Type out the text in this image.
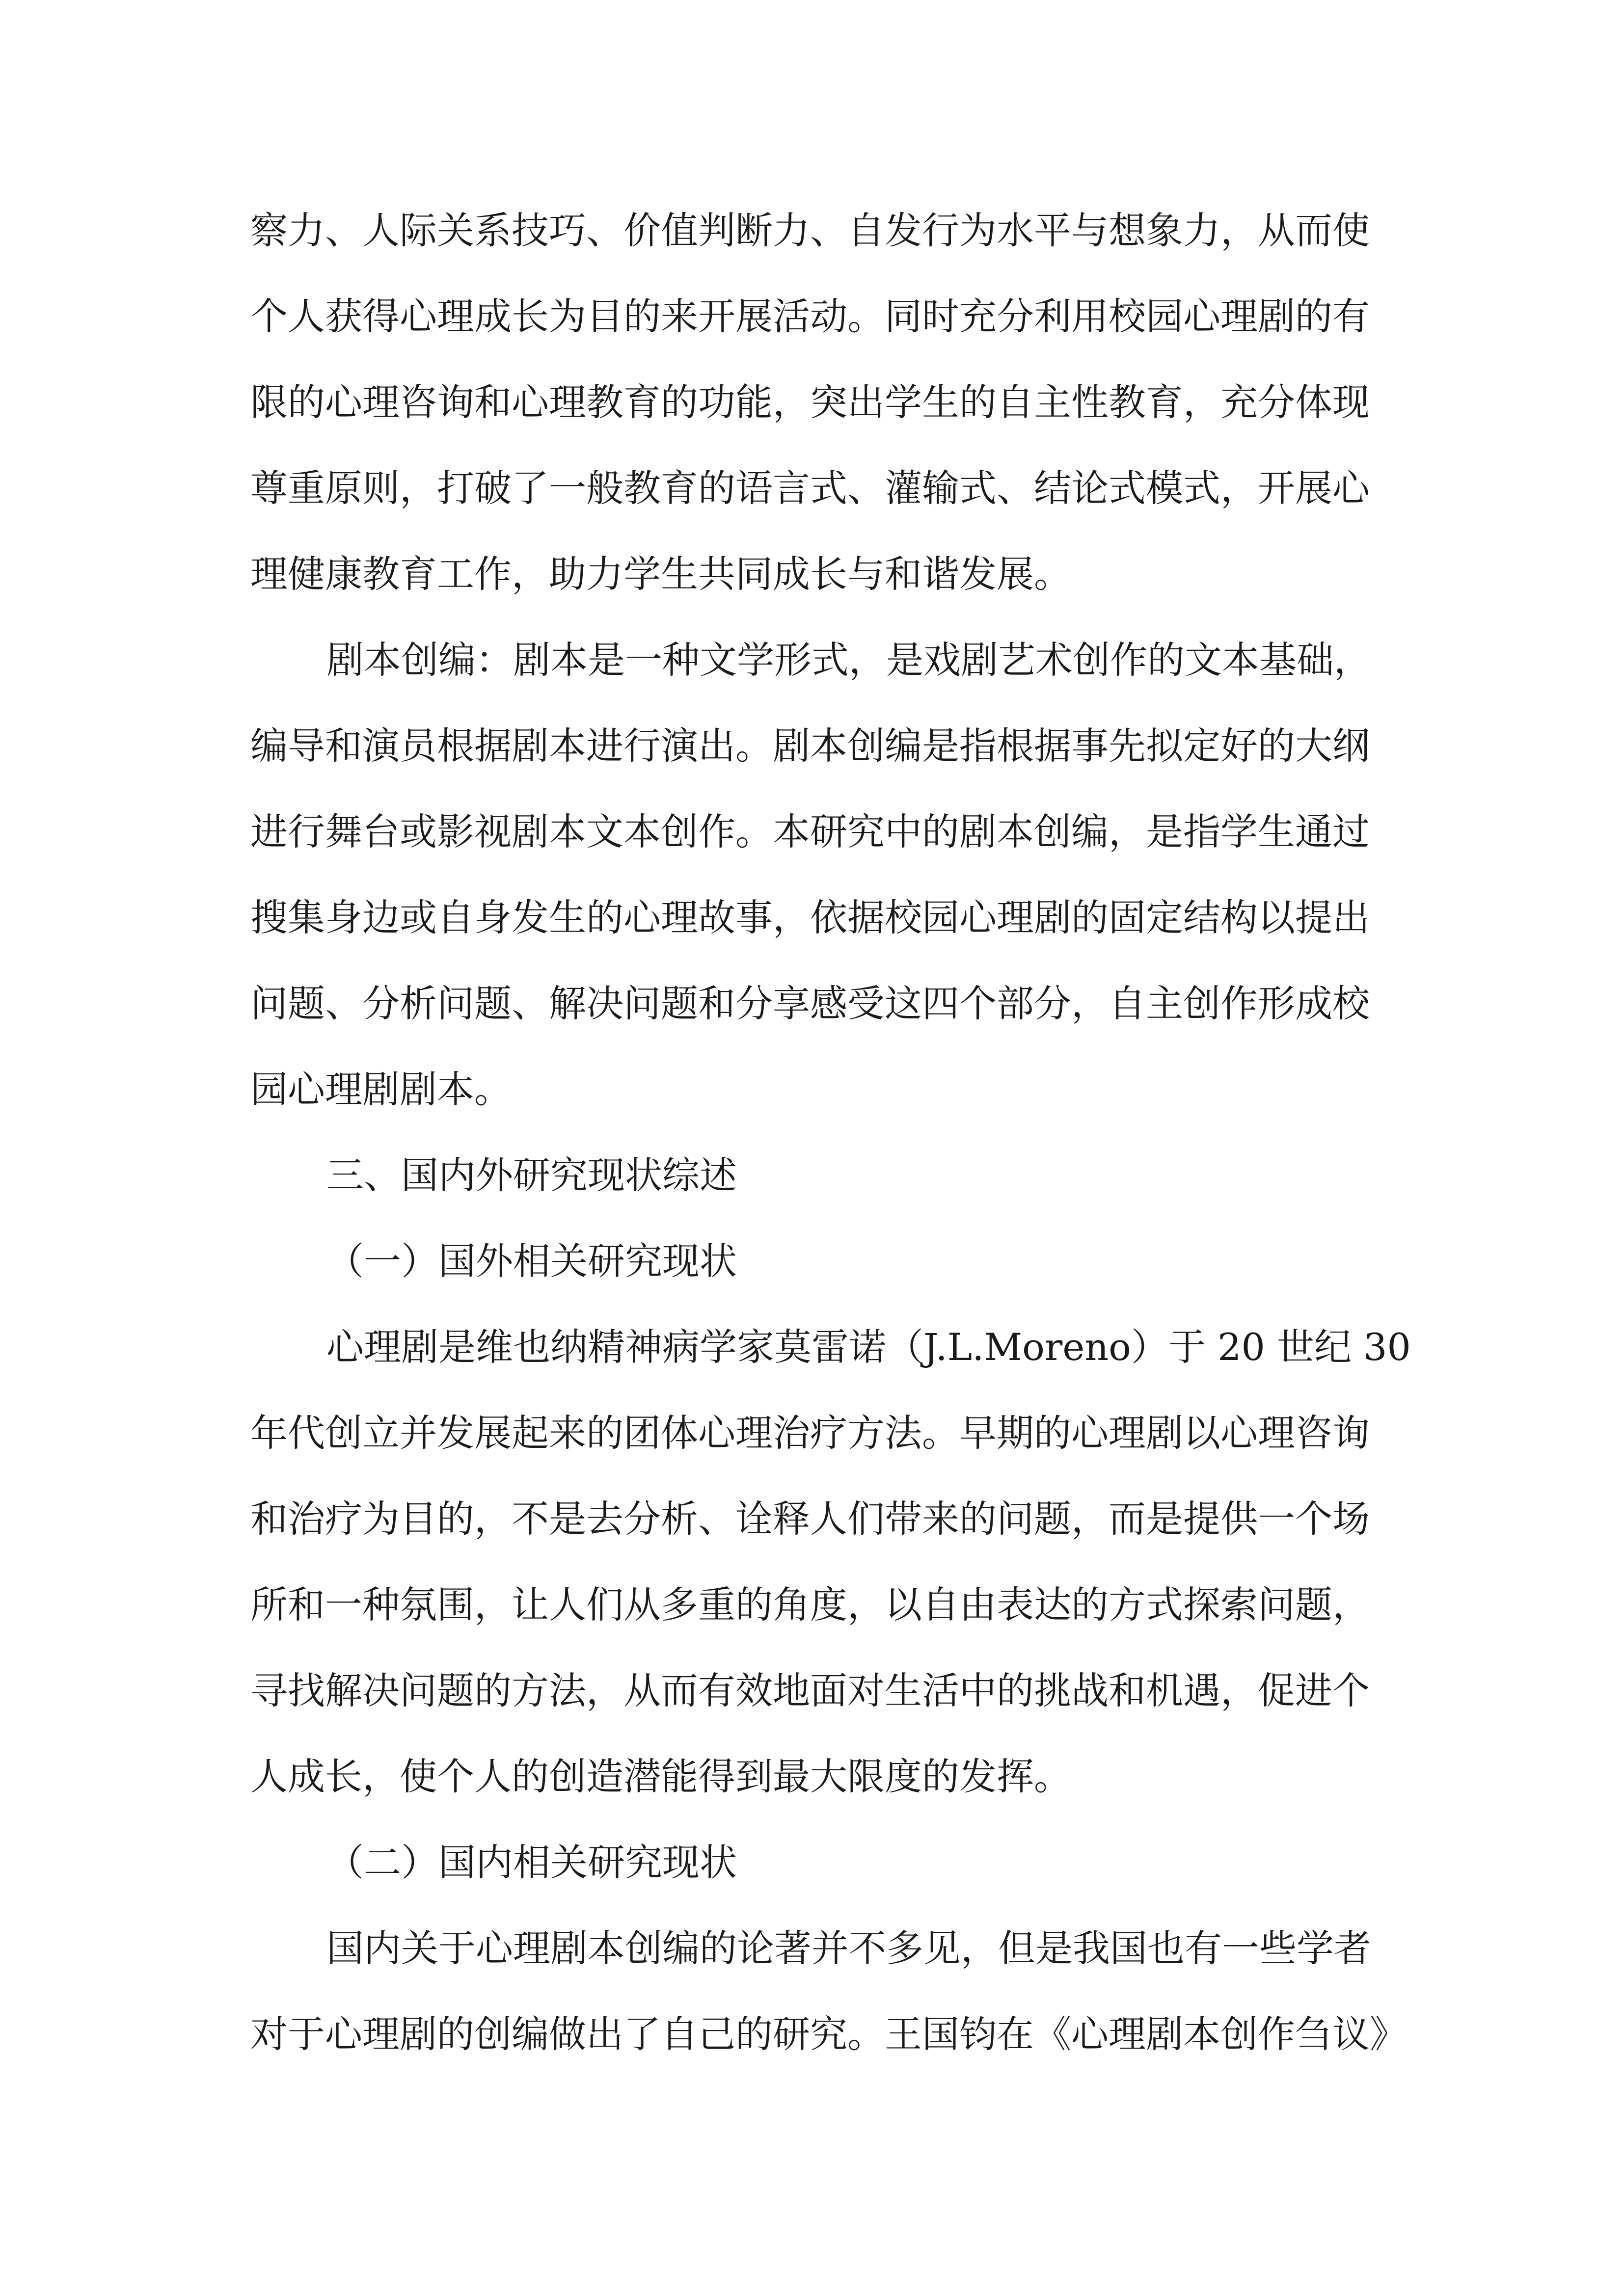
察力、人际关系技巧、价值判断力、自发行为水平与想象力，从而使

个人获得心理成长为目的来开展活动。同时充分利用校园心理剧的有

限的心理咨询和心理教育的功能，突出学生的自主性教育，充分体现

尊重原则，打破了一般教育的语言式、灌输式、结论式模式，开展心

理健康教育工作，助力学生共同成长与和谐发展。

剧本创编：剧本是一种文学形式，是戏剧艺术创作的文本基础，

编导和演员根据剧本进行演出。剧本创编是指根据事先拟定好的大纲

进行舞台或影视剧本文本创作。本研究中的剧本创编，是指学生通过

搜集身边或自身发生的心理故事，依据校园心理剧的固定结构以提出

问题、分析问题、解决问题和分享感受这四个部分，自主创作形成校

园心理剧剧本。

三、国内外研究现状综述

（一）国外相关研究现状

心理剧是维也纳精神病学家莫雷诺（J.L.Moreno）于 20 世纪 30

年代创立并发展起来的团体心理治疗方法。早期的心理剧以心理咨询

和治疗为目的，不是去分析、诠释人们带来的问题，而是提供一个场

所和一种氛围，让人们从多重的角度，以自由表达的方式探索问题，

寻找解决问题的方法，从而有效地面对生活中的挑战和机遇，促进个

人成长，使个人的创造潜能得到最大限度的发挥。

（二）国内相关研究现状

国内关于心理剧本创编的论著并不多见，但是我国也有一些学者

对于心理剧的创编做出了自己的研究。王国钧在《心理剧本创作刍议》
